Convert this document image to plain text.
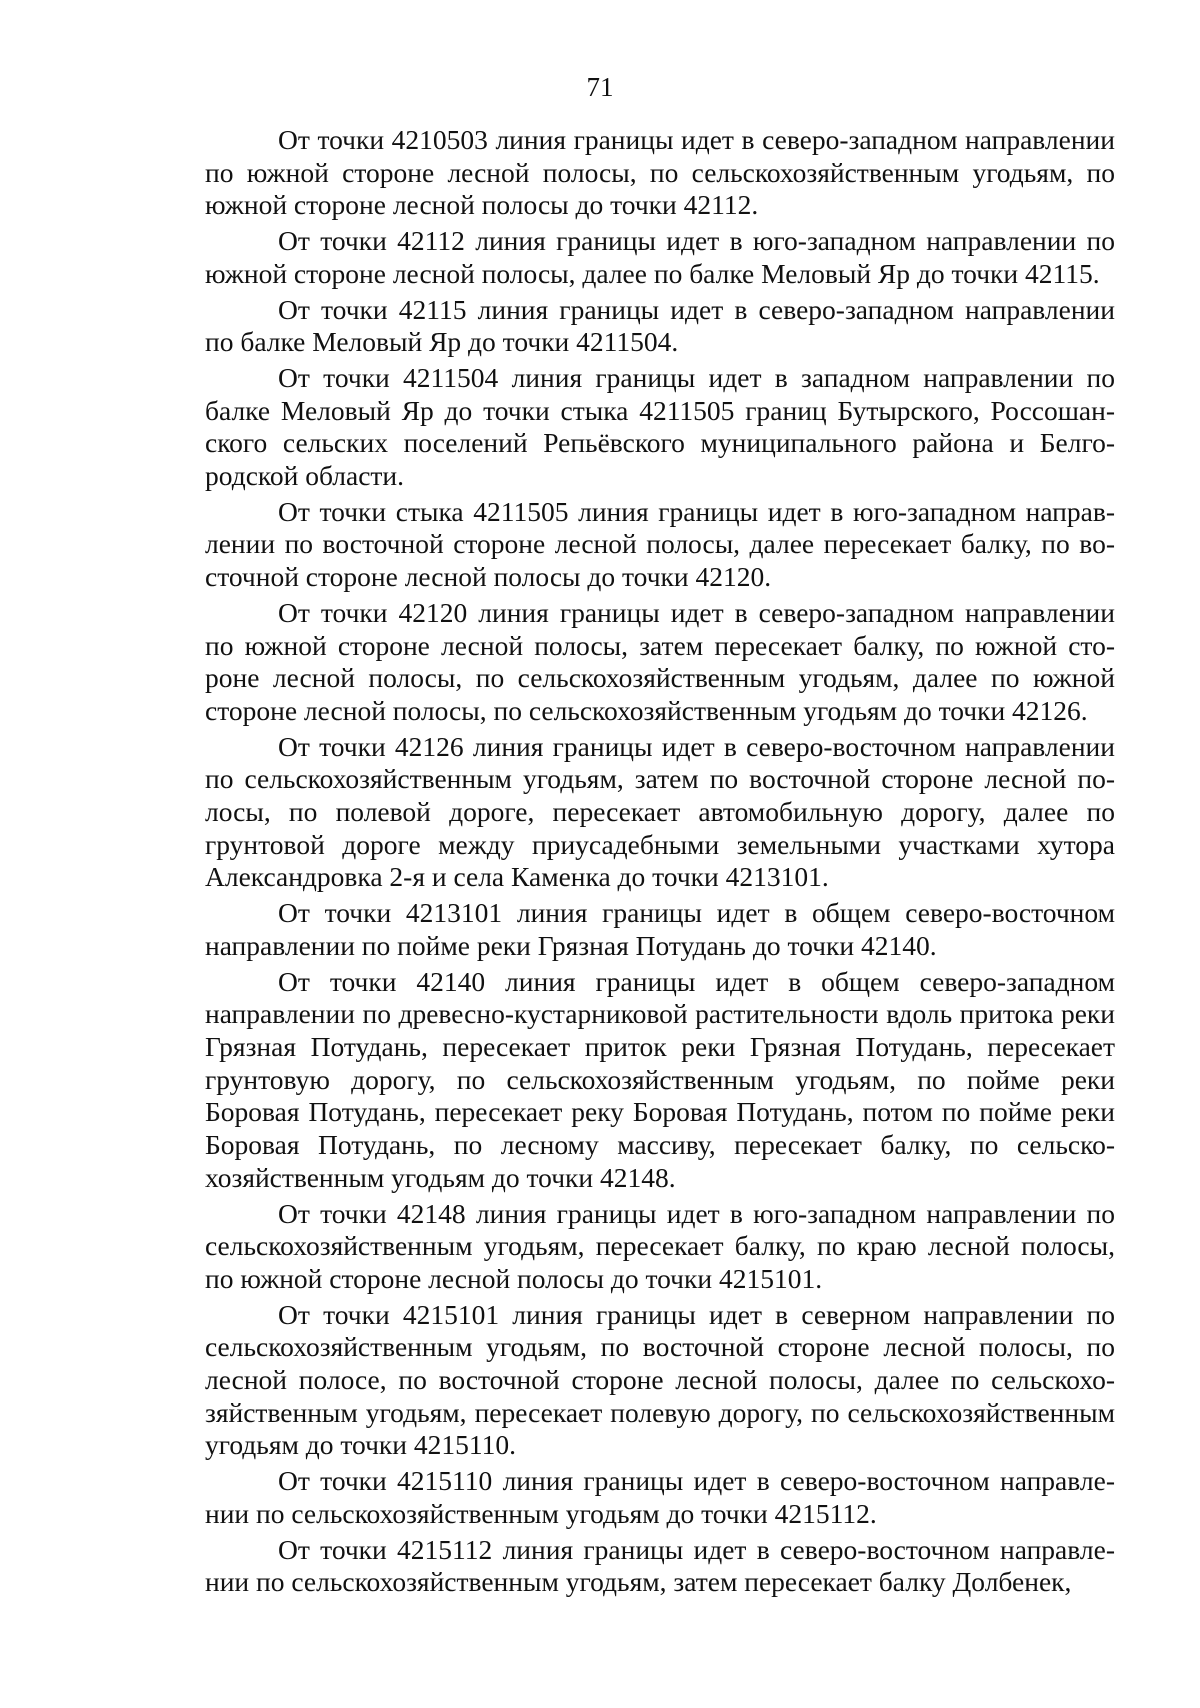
71

От точки 4210503 линия границы идет в северо-западном направлении по южной стороне лесной полосы, по сельскохозяйственным угодьям, по южной стороне лесной полосы до точки 42112.

От точки 42112 линия границы идет в юго-западном направлении по южной стороне лесной полосы, далее по балке Меловый Яр до точки 42115.

От точки 42115 линия границы идет в северо-западном направлении по балке Меловый Яр до точки 4211504.

От точки 4211504 линия границы идет в западном направлении по балке Меловый Яр до точки стыка 4211505 границ Бутырского, Россошанского сельских поселений Репьёвского муниципального района и Белгородской области.

От точки стыка 4211505 линия границы идет в юго-западном направлении по восточной стороне лесной полосы, далее пересекает балку, по восточной стороне лесной полосы до точки 42120.

От точки 42120 линия границы идет в северо-западном направлении по южной стороне лесной полосы, затем пересекает балку, по южной стороне лесной полосы, по сельскохозяйственным угодьям, далее по южной стороне лесной полосы, по сельскохозяйственным угодьям до точки 42126.

От точки 42126 линия границы идет в северо-восточном направлении по сельскохозяйственным угодьям, затем по восточной стороне лесной полосы, по полевой дороге, пересекает автомобильную дорогу, далее по грунтовой дороге между приусадебными земельными участками хутора Александровка 2-я и села Каменка до точки 4213101.

От точки 4213101 линия границы идет в общем северо-восточном направлении по пойме реки Грязная Потудань до точки 42140.

От точки 42140 линия границы идет в общем северо-западном направлении по древесно-кустарниковой растительности вдоль притока реки Грязная Потудань, пересекает приток реки Грязная Потудань, пересекает грунтовую дорогу, по сельскохозяйственным угодьям, по пойме реки Боровая Потудань, пересекает реку Боровая Потудань, потом по пойме реки Боровая Потудань, по лесному массиву, пересекает балку, по сельскохозяйственным угодьям до точки 42148.

От точки 42148 линия границы идет в юго-западном направлении по сельскохозяйственным угодьям, пересекает балку, по краю лесной полосы, по южной стороне лесной полосы до точки 4215101.

От точки 4215101 линия границы идет в северном направлении по сельскохозяйственным угодьям, по восточной стороне лесной полосы, по лесной полосе, по восточной стороне лесной полосы, далее по сельскохозяйственным угодьям, пересекает полевую дорогу, по сельскохозяйственным угодьям до точки 4215110.

От точки 4215110 линия границы идет в северо-восточном направлении по сельскохозяйственным угодьям до точки 4215112.

От точки 4215112 линия границы идет в северо-восточном направлении по сельскохозяйственным угодьям, затем пересекает балку Долбенек,
